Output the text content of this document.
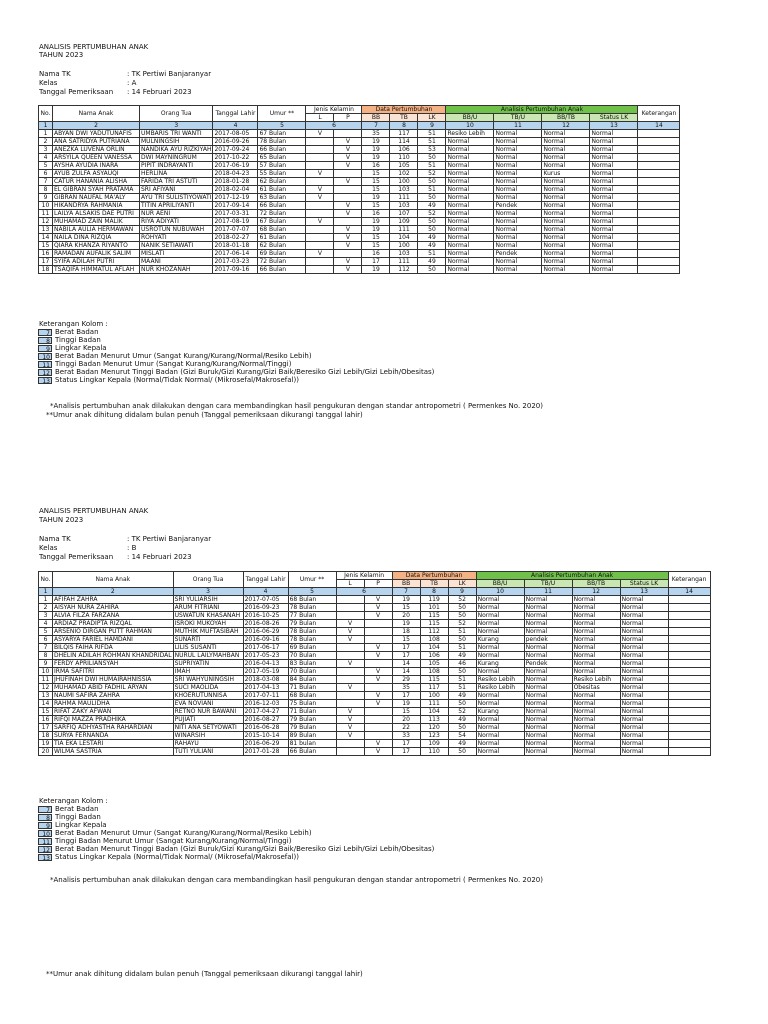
ANALISIS PERTUMBUHAN ANAK
TAHUN 2023
Nama TK	: TK Pertiwi Banjaranyar
Kelas	: A
Tanggal Pemeriksaan : 14 Februari 2023
No.	Nama Anak	Orang Tua	Tanggal Lahir	Umur **	Jenis Kelamin		Data Pertumbuhan			Analisis Pertumbuhan Anak				Keterangan
					L	P	BB	TB	LK	BB/U	TB/U	BB/TB	Status LK	
1	2	3	4	5	6		7	8	9	10	11	12	13	14
1	ABYAN DWI YADUTUNAFIS	UMBARIS TRI WANTI	2017-08-05	67 Bulan	V		35	117	51	Resiko Lebih	Normal	Normal	Normal	
2	ANA SATRIDYA PUTRIANA	MULNINGSIH	2016-09-26	78 Bulan		V	19	114	51	Normal	Normal	Normal	Normal	
3	ANEZKA LUVENA ORLIN	NANDIKA AYU RIZKIYAH	2017-09-24	66 Bulan		V	19	106	53	Normal	Normal	Normal	Normal	
4	ARSYILA QUEEN VANESSA	DWI MAYNINGRUM	2017-10-22	65 Bulan		V	19	110	50	Normal	Normal	Normal	Normal	
5	AYSHA AYUDIA INARA	PIPIT INDRAYANTI	2017-06-19	57 Bulan		V	16	105	51	Normal	Normal	Normal	Normal	
6	AYUB ZULFA ASYAUQI	HERLINA	2018-04-23	55 Bulan	V		15	102	52	Normal	Normal	Kurus	Normal	
7	CATUR HANANIA ALISHA	FARIDA TRI ASTUTI	2018-01-28	62 Bulan		V	15	100	50	Normal	Normal	Normal	Normal	
8	EL GIBRAN SYAH PRATAMA	SRI AFIYANI	2018-02-04	61 Bulan	V		15	103	51	Normal	Normal	Normal	Normal	
9	GIBRAN NAUFAL MA'ALY	AYU TRI SULISTIYOWATI	2017-12-19	63 Bulan	V		19	111	50	Normal	Normal	Normal	Normal	
10	HIKANDRYA RAHMANIA	TITIN APRILIYANTI	2017-09-14	66 Bulan		V	15	103	49	Normal	Pendek	Normal	Normal	
11	LAILYA ALSAKIS DAE PUTRI	NUR AENI	2017-03-31	72 Bulan		V	16	107	52	Normal	Normal	Normal	Normal	
12	MUHAMAD ZAIN MALIK	RIYA ADIYATI	2017-08-19	67 Bulan	V		19	109	50	Normal	Normal	Normal	Normal	
13	NABILA AULIA HERMAWAN	USROTUN NUBUWAH	2017-07-07	68 Bulan		V	19	111	50	Normal	Normal	Normal	Normal	
14	NAILA DINA RIZQIA	ROHYATI	2018-02-27	61 Bulan		V	15	104	49	Normal	Normal	Normal	Normal	
15	QIARA KHANZA RIYANTO	NANIK SETIAWATI	2018-01-18	62 Bulan		V	15	100	49	Normal	Normal	Normal	Normal	
16	RAMADAN AUFALIK SALIM	MISLATI	2017-06-14	69 Bulan	V		16	103	51	Normal	Pendek	Normal	Normal	
17	SYIFA ADILAH PUTRI	MAANI	2017-03-23	72 Bulan		V	17	111	49	Normal	Normal	Normal	Normal	
18	TSAQIFA HIMMATUL AFLAH	NUR KHOZANAH	2017-09-16	66 Bulan		V	19	112	50	Normal	Normal	Normal	Normal	
Keterangan Kolom :
7 Berat Badan
8 Tinggi Badan
9 Lingkar Kepala
10 Berat Badan Menurut Umur (Sangat Kurang/Kurang/Normal/Resiko Lebih)
11 Tinggi Badan Menurut Umur (Sangat Kurang/Kurang/Normal/Tinggi)
12 Berat Badan Menurut Tinggi Badan (Gizi Buruk/Gizi Kurang/Gizi Baik/Beresiko Gizi Lebih/Gizi Lebih/Obesitas)
13 Status Lingkar Kepala (Normal/Tidak Normal/ (Mikrosefal/Makrosefal))
*Analisis pertumbuhan anak dilakukan dengan cara membandingkan hasil pengukuran dengan standar antropometri ( Permenkes No. 2020)
**Umur anak dihitung didalam bulan penuh (Tanggal pemeriksaan dikurangi tanggal lahir)
ANALISIS PERTUMBUHAN ANAK
TAHUN 2023
Nama TK	: TK Pertiwi Banjaranyar
Kelas	: B
Tanggal Pemeriksaan : 14 Februari 2023
No.	Nama Anak	Orang Tua	Tanggal Lahir	Umur **	Jenis Kelamin		Data Pertumbuhan			Analisis Pertumbuhan Anak				Keterangan
					L	P	BB	TB	LK	BB/U	TB/U	BB/TB	Status LK	
1	2	3	4	5	6		7	8	9	10	11	12	13	14
1	AFIFAH ZAHRA	SRI YULIARSIH	2017-07-05	68 Bulan		V	19	119	52	Normal	Normal	Normal	Normal	
2	AISYAH NURA ZAHIRA	ARUM FITRIANI	2016-09-23	78 Bulan		V	15	101	50	Normal	Normal	Normal	Normal	
3	ALVIA FILZA FARZANA	USWATUN KHASANAH	2016-10-25	77 Bulan		V	20	115	50	Normal	Normal	Normal	Normal	
4	ARDIAZ PRADIPTA RIZQAL	ISROKI MUKOYAH	2016-08-26	79 Bulan	V		19	115	52	Normal	Normal	Normal	Normal	
5	ARSENIO DIRGAN PUTT RAHMAN	MUTHIK MUFTASIBAH	2016-06-29	78 Bulan	V		18	112	51	Normal	Normal	Normal	Normal	
6	ASYARYA FARIEL HAMDANI	SUNARTI	2016-09-16	78 Bulan	V		15	108	50	Kurang	pendek	Normal	Normal	
7	BILQIS FAIHA RIFDA	LILIS SUSANTI	2017-06-17	69 Bulan		V	17	104	51	Normal	Normal	Normal	Normal	
8	DHELIN ADILAH ROHMAN KHANDRIDAL	NURUL LAILYMAHBAN	2017-05-23	70 Bulan		V	17	106	49	Normal	Normal	Normal	Normal	
9	FERDY APRILIANSYAH	SUPRIYATIN	2016-04-13	83 Bulan	V		14	105	46	Kurang	Pendek	Normal	Normal	
10	IRMA SAFITRI	IMAH	2017-05-19	70 Bulan		V	14	108	50	Normal	Normal	Normal	Normal	
11	JHUFINAH DWI HUMAIRAHNISSIA	SRI WAHYUNINGSIH	2018-03-08	84 Bulan		V	29	115	51	Resiko Lebih	Normal	Resiko Lebih	Normal	
12	MUHAMAD ABID FADHIL ARYAN	SUCI MAOLIDA	2017-04-13	71 Bulan	V		35	117	51	Resiko Lebih	Normal	Obesitas	Normal	
13	NAUMI SAFIRA ZAHRA	KHOERUTUNNISA	2017-07-11	68 Bulan		V	17	100	49	Normal	Normal	Normal	Normal	
14	RAHMA MAULIDHA	EVA NOVIANI	2016-12-03	75 Bulan		V	19	111	50	Normal	Normal	Normal	Normal	
15	RIFAT ZAKY AFWAN	RETNO NUR BAWANI	2017-04-27	71 Bulan	V		15	104	52	Kurang	Normal	Normal	Normal	
16	RIFQI MAZZA PRADHIKA	PUJIATI	2016-08-27	79 Bulan	V		20	113	49	Normal	Normal	Normal	Normal	
17	SARFIQ ADHYASTHA RAHARDIAN	NITI ANA SETYOWATI	2016-06-28	79 Bulan	V		22	120	50	Normal	Normal	Normal	Normal	
18	SURYA FERNANDA	WINARSIH	2015-10-14	89 Bulan	V		33	123	54	Normal	Normal	Normal	Normal	
19	TIA EKA LESTARI	RAHAYU	2016-06-29	81 bulan		V	17	109	49	Normal	Normal	Normal	Normal	
20	WILMA SASTRIA	TUTI YULIANI	2017-01-28	66 Bulan		V	17	110	50	Normal	Normal	Normal	Normal	
Keterangan Kolom :
7 Berat Badan
8 Tinggi Badan
9 Lingkar Kepala
10 Berat Badan Menurut Umur (Sangat Kurang/Kurang/Normal/Resiko Lebih)
11 Tinggi Badan Menurut Umur (Sangat Kurang/Kurang/Normal/Tinggi)
12 Berat Badan Menurut Tinggi Badan (Gizi Buruk/Gizi Kurang/Gizi Baik/Beresiko Gizi Lebih/Gizi Lebih/Obesitas)
13 Status Lingkar Kepala (Normal/Tidak Normal/ (Mikrosefal/Makrosefal))
*Analisis pertumbuhan anak dilakukan dengan cara membandingkan hasil pengukuran dengan standar antropometri ( Permenkes No. 2020)
**Umur anak dihitung didalam bulan penuh (Tanggal pemeriksaan dikurangi tanggal lahir)
